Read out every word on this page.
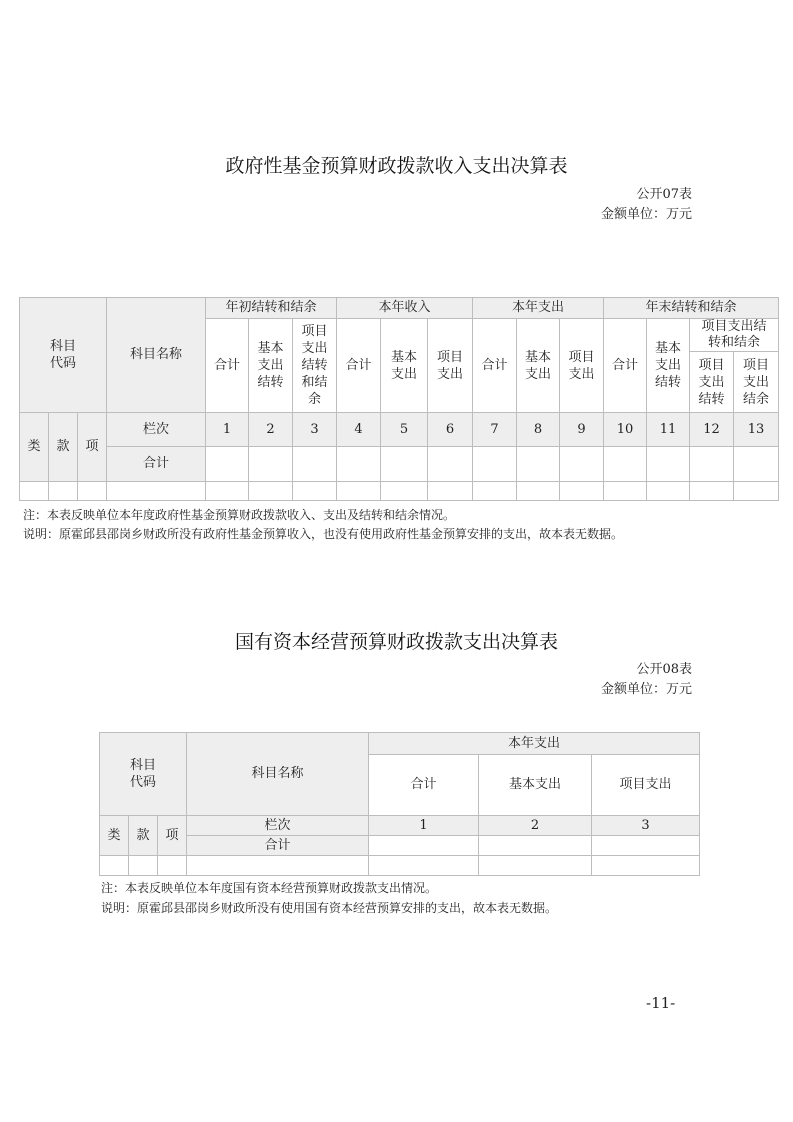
政府性基金预算财政拨款收入支出决算表
公开07表
金额单位：万元
科目代码			科目名称	年初结转和结余			本年收入			本年支出			年末结转和结余			
				合计	基本支出结转	项目支出结转和结余	合计	基本支出	项目支出	合计	基本支出	项目支出	合计	基本支出结转	项目支出结转和结余	
															项目支出结转	项目支出结余
类	款	项	栏次	1	2	3	4	5	6	7	8	9	10	11	12	13
			合计													

注：本表反映单位本年度政府性基金预算财政拨款收入、支出及结转和结余情况。
说明：原霍邱县邵岗乡财政所没有政府性基金预算收入，也没有使用政府性基金预算安排的支出，故本表无数据。
国有资本经营预算财政拨款支出决算表
公开08表
金额单位：万元
科目代码			科目名称	本年支出		
				合计	基本支出	项目支出
类	款	项	栏次	1	2	3
			合计			

注：本表反映单位本年度国有资本经营预算财政拨款支出情况。
说明：原霍邱县邵岗乡财政所没有使用国有资本经营预算安排的支出，故本表无数据。
-11-
